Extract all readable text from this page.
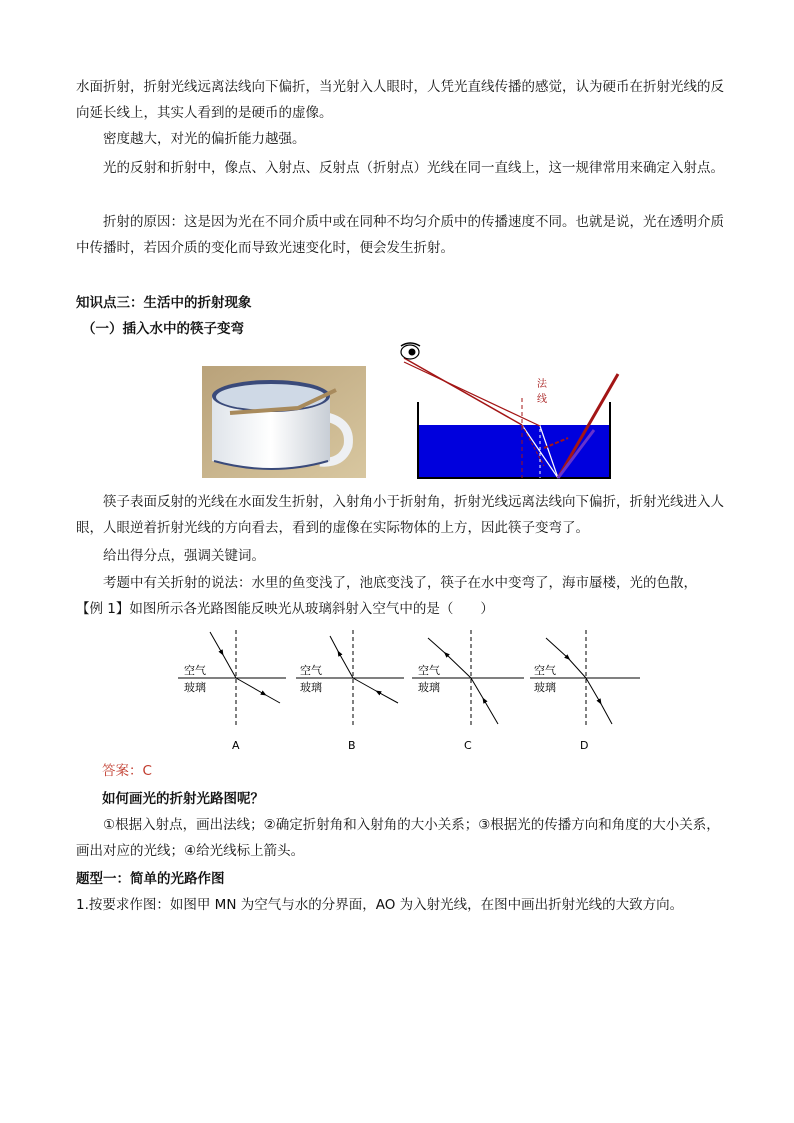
水面折射，折射光线远离法线向下偏折，当光射入人眼时，人凭光直线传播的感觉，认为硬币在折射光线的反向延长线上，其实人看到的是硬币的虚像。

密度越大，对光的偏折能力越强。

光的反射和折射中，像点、入射点、反射点（折射点）光线在同一直线上，这一规律常用来确定入射点。

折射的原因：这是因为光在不同介质中或在同种不均匀介质中的传播速度不同。也就是说，光在透明介质中传播时，若因介质的变化而导致光速变化时，便会发生折射。

知识点三：生活中的折射现象

（一）插入水中的筷子变弯

法
线

筷子表面反射的光线在水面发生折射，入射角小于折射角，折射光线远离法线向下偏折，折射光线进入人眼，人眼逆着折射光线的方向看去，看到的虚像在实际物体的上方，因此筷子变弯了。

给出得分点，强调关键词。

考题中有关折射的说法：水里的鱼变浅了，池底变浅了，筷子在水中变弯了，海市蜃楼，光的色散，

【例 1】如图所示各光路图能反映光从玻璃斜射入空气中的是（　　）

空气
玻璃
A
空气
玻璃
B
空气
玻璃
C
空气
玻璃
D

答案：C

如何画光的折射光路图呢？

①根据入射点，画出法线；②确定折射角和入射角的大小关系；③根据光的传播方向和角度的大小关系，画出对应的光线；④给光线标上箭头。

题型一：简单的光路作图

1.按要求作图：如图甲 MN 为空气与水的分界面，AO 为入射光线，在图中画出折射光线的大致方向。
